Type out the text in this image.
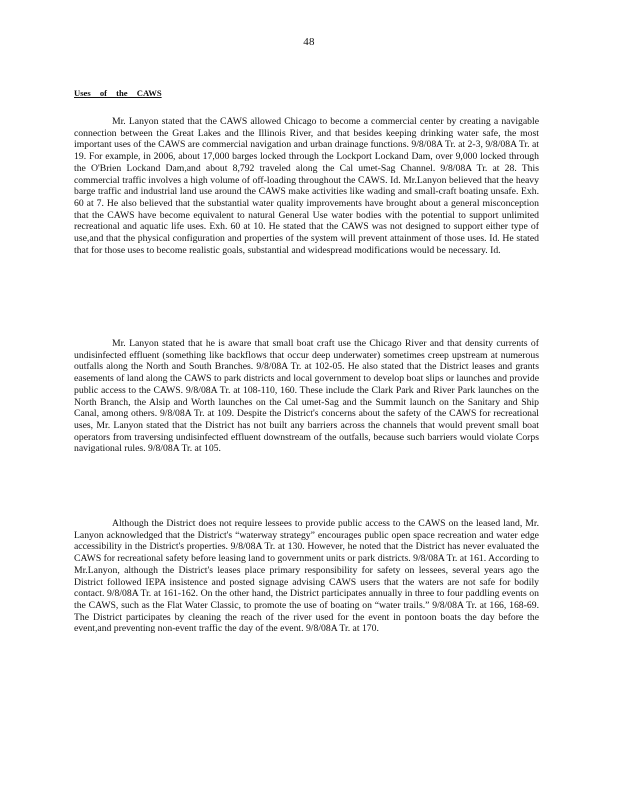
48
Uses of the CAWS

Mr. Lanyon stated that the CAWS allowed Chicago to become a commercial center by creating a navigable connection between the Great Lakes and the Illinois River, and that besides keeping drinking water safe, the most important uses of the CAWS are commercial navigation and urban drainage functions. 9/8/08A Tr. at 2-3, 9/8/08A Tr. at 19. For example, in 2006, about 17,000 barges locked through the Lockport Lockand Dam, over 9,000 locked through the O'Brien Lockand Dam,and about 8,792 traveled along the Cal umet-Sag Channel. 9/8/08A Tr. at 28. This commercial traffic involves a high volume of off-loading throughout the CAWS. Id. Mr.Lanyon believed that the heavy barge traffic and industrial land use around the CAWS make activities like wading and small-craft boating unsafe. Exh. 60 at 7. He also believed that the substantial water quality improvements have brought about a general misconception that the CAWS have become equivalent to natural General Use water bodies with the potential to support unlimited recreational and aquatic life uses. Exh. 60 at 10. He stated that the CAWS was not designed to support either type of use,and that the physical configuration and properties of the system will prevent attainment of those uses. Id. He stated that for those uses to become realistic goals, substantial and widespread modifications would be necessary. Id.

Mr. Lanyon stated that he is aware that small boat craft use the Chicago River and that density currents of undisinfected effluent (something like backflows that occur deep underwater) sometimes creep upstream at numerous outfalls along the North and South Branches. 9/8/08A Tr. at 102-05. He also stated that the District leases and grants easements of land along the CAWS to park districts and local government to develop boat slips or launches and provide public access to the CAWS. 9/8/08A Tr. at 108-110, 160. These include the Clark Park and River Park launches on the North Branch, the Alsip and Worth launches on the Cal umet-Sag and the Summit launch on the Sanitary and Ship Canal, among others. 9/8/08A Tr. at 109. Despite the District's concerns about the safety of the CAWS for recreational uses, Mr. Lanyon stated that the District has not built any barriers across the channels that would prevent small boat operators from traversing undisinfected effluent downstream of the outfalls, because such barriers would violate Corps navigational rules. 9/8/08A Tr. at 105.

Although the District does not require lessees to provide public access to the CAWS on the leased land, Mr. Lanyon acknowledged that the District's “waterway strategy” encourages public open space recreation and water edge accessibility in the District's properties. 9/8/08A Tr. at 130. However, he noted that the District has never evaluated the CAWS for recreational safety before leasing land to government units or park districts. 9/8/08A Tr. at 161. According to Mr.Lanyon, although the District's leases place primary responsibility for safety on lessees, several years ago the District followed IEPA insistence and posted signage advising CAWS users that the waters are not safe for bodily contact. 9/8/08A Tr. at 161-162. On the other hand, the District participates annually in three to four paddling events on the CAWS, such as the Flat Water Classic, to promote the use of boating on “water trails.” 9/8/08A Tr. at 166, 168-69. The District participates by cleaning the reach of the river used for the event in pontoon boats the day before the event,and preventing non-event traffic the day of the event. 9/8/08A Tr. at 170.
